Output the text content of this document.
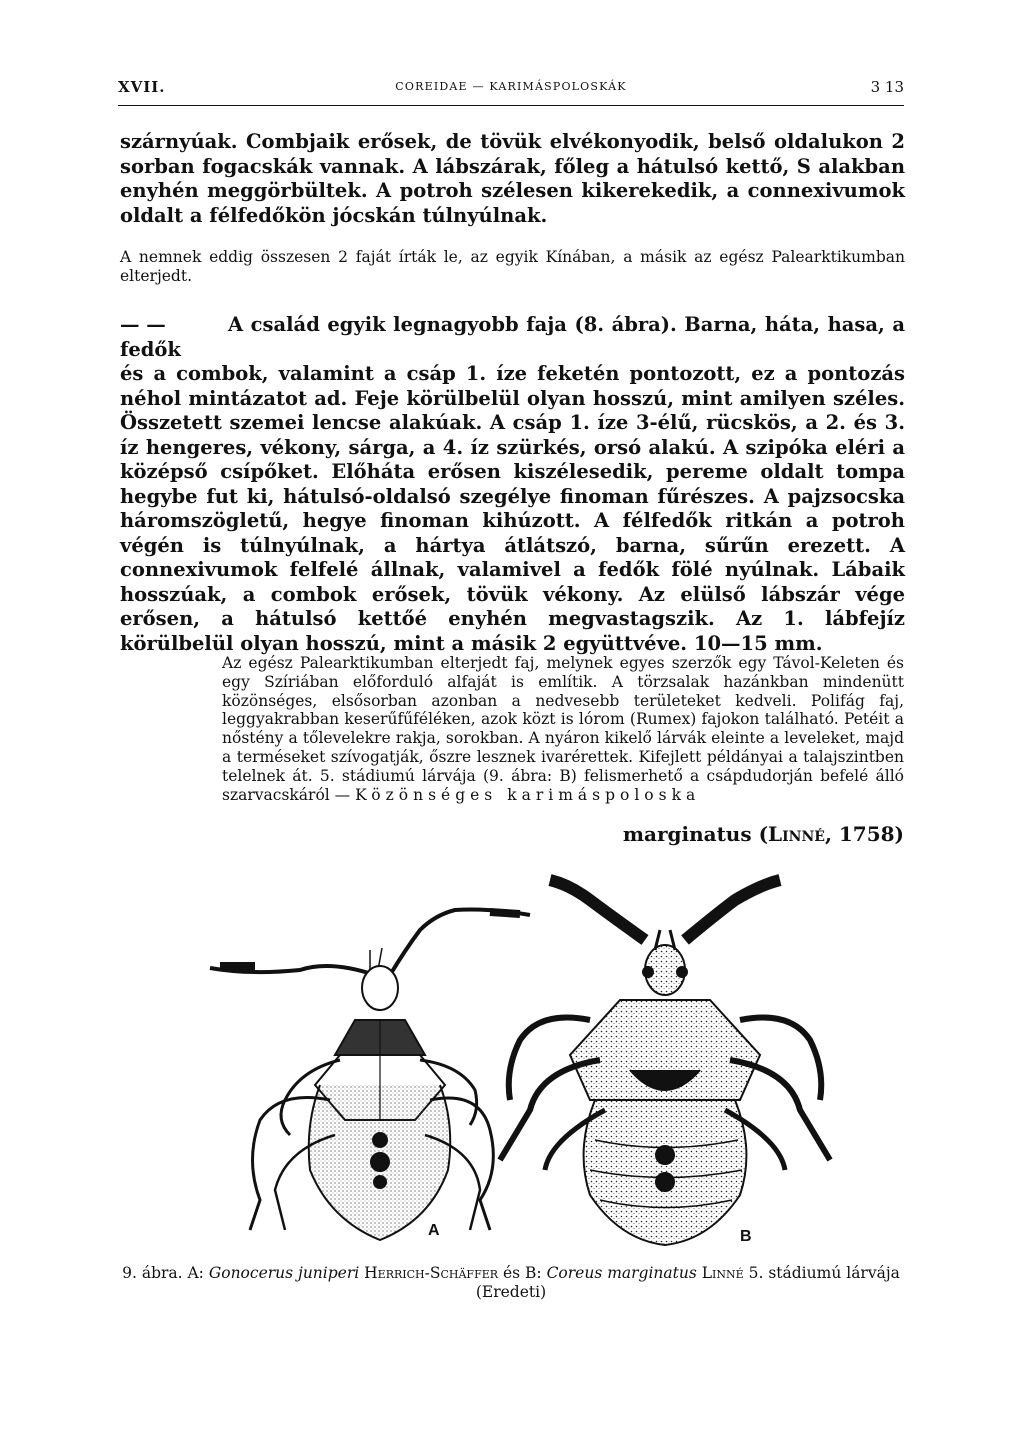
XVII.	COREIDAE — KARIMÁSPOLOSKÁK	3 13

szárnyúak. Combjaik erősek, de tövük elvékonyodik, belső oldalukon 2 sorban fogacskák vannak. A lábszárak, főleg a hátulsó kettő, S alakban enyhén meggörbültek. A potroh szélesen kikerekedik, a connexivumok oldalt a félfedőkön jócskán túlnyúlnak.

A nemnek eddig összesen 2 faját írták le, az egyik Kínában, a másik az egész Palearktikumban elterjedt.

— —	A család egyik legnagyobb faja (8. ábra). Barna, háta, hasa, a fedők

és a combok, valamint a csáp 1. íze feketén pontozott, ez a pontozás néhol mintázatot ad. Feje körülbelül olyan hosszú, mint amilyen széles. Összetett szemei lencse alakúak. A csáp 1. íze 3-élű, rücskös, a 2. és 3. íz hengeres, vékony, sárga, a 4. íz szürkés, orsó alakú. A szipóka eléri a középső csípőket. Előháta erősen kiszélesedik, pereme oldalt tompa hegybe fut ki, hátulsó-oldalsó szegélye finoman fűrészes. A pajzsocska háromszögletű, hegye finoman kihúzott. A félfedők ritkán a potroh végén is túlnyúlnak, a hártya átlátszó, barna, sűrűn erezett. A connexivumok felfelé állnak, valamivel a fedők fölé nyúlnak. Lábaik hosszúak, a combok erősek, tövük vékony. Az elülső lábszár vége erősen, a hátulsó kettőé enyhén megvastagszik. Az 1. lábfejíz körülbelül olyan hosszú, mint a másik 2 együttvéve. 10—15 mm.

Az egész Palearktikumban elterjedt faj, melynek egyes szerzők egy Távol-Keleten és egy Szíriában előforduló alfaját is említik. A törzsalak hazánkban mindenütt közönséges, elsősorban azonban a nedvesebb területeket kedveli. Polifág faj, leggyakrabban keserűfűféléken, azok közt is lórom (Rumex) fajokon található. Petéit a nőstény a tőlevelekre rakja, sorokban. A nyáron kikelő lárvák eleinte a leveleket, majd a terméseket szívogatják, őszre lesznek ivarérettek. Kifejlett példányai a talajszintben telelnek át. 5. stádiumú lárvája (9. ábra: B) felismerhető a csápdudorján befelé álló szarvacskáról — Közönséges karimáspoloska
marginatus (Linné, 1758)
A	B
9. ábra. A: Gonocerus juniperi Herrich-Schäffer és B: Coreus marginatus Linné 5. stádiumú lárvája (Eredeti)
